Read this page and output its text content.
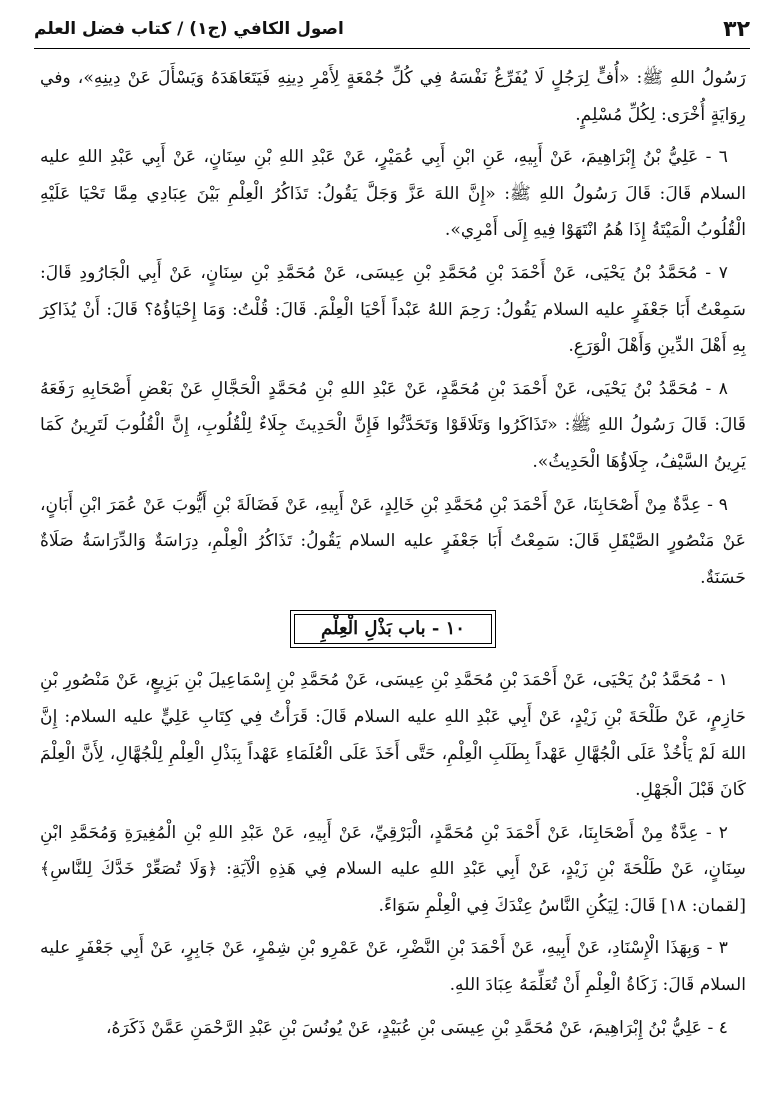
٣٢
اصول الكافي (ج١) / كتاب فضل العلم

رَسُولُ اللهِ ﷺ: «أُفٍّ لِرَجُلٍ لَا يُفَرِّغُ نَفْسَهُ فِي كُلِّ جُمْعَةٍ لِأَمْرِ دِينِهِ فَيَتَعَاهَدَهُ وَيَسْأَلَ عَنْ دِينِهِ»، وفي رِوَايَةٍ أُخْرَى: لِكُلِّ مُسْلِمٍ.

٦ - عَلِيُّ بْنُ إِبْرَاهِيمَ، عَنْ أَبِيهِ، عَنِ ابْنِ أَبِي عُمَيْرٍ، عَنْ عَبْدِ اللهِ بْنِ سِنَانٍ، عَنْ أَبِي عَبْدِ اللهِ عليه السلام قَالَ: قَالَ رَسُولُ اللهِ ﷺ: «إِنَّ اللهَ عَزَّ وَجَلَّ يَقُولُ: تَذَاكُرُ الْعِلْمِ بَيْنَ عِبَادِي مِمَّا تَحْيَا عَلَيْهِ الْقُلُوبُ الْمَيْتَةُ إِذَا هُمُ انْتَهَوْا فِيهِ إِلَى أَمْرِي».

٧ - مُحَمَّدُ بْنُ يَحْيَى، عَنْ أَحْمَدَ بْنِ مُحَمَّدِ بْنِ عِيسَى، عَنْ مُحَمَّدِ بْنِ سِنَانٍ، عَنْ أَبِي الْجَارُودِ قَالَ: سَمِعْتُ أَبَا جَعْفَرٍ عليه السلام يَقُولُ: رَحِمَ اللهُ عَبْداً أَحْيَا الْعِلْمَ. قَالَ: قُلْتُ: وَمَا إِحْيَاؤُهُ؟ قَالَ: أَنْ يُذَاكِرَ بِهِ أَهْلَ الدِّينِ وَأَهْلَ الْوَرَعِ.

٨ - مُحَمَّدُ بْنُ يَحْيَى، عَنْ أَحْمَدَ بْنِ مُحَمَّدٍ، عَنْ عَبْدِ اللهِ بْنِ مُحَمَّدٍ الْحَجَّالِ عَنْ بَعْضِ أَصْحَابِهِ رَفَعَهُ قَالَ: قَالَ رَسُولُ اللهِ ﷺ: «تَذَاكَرُوا وَتَلَاقَوْا وَتَحَدَّثُوا فَإِنَّ الْحَدِيثَ جِلَاءٌ لِلْقُلُوبِ، إِنَّ الْقُلُوبَ لَتَرِينُ كَمَا يَرِينُ السَّيْفُ، جِلَاؤُهَا الْحَدِيثُ».

٩ - عِدَّةٌ مِنْ أَصْحَابِنَا، عَنْ أَحْمَدَ بْنِ مُحَمَّدِ بْنِ خَالِدٍ، عَنْ أَبِيهِ، عَنْ فَضَالَةَ بْنِ أَيُّوبَ عَنْ عُمَرَ ابْنِ أَبَانٍ، عَنْ مَنْصُورٍ الصَّيْقَلِ قَالَ: سَمِعْتُ أَبَا جَعْفَرٍ عليه السلام يَقُولُ: تَذَاكُرُ الْعِلْمِ، دِرَاسَةٌ وَالدِّرَاسَةُ صَلَاةٌ حَسَنَةٌ.

١٠ - باب بَذْلِ الْعِلْمِ

١ - مُحَمَّدُ بْنُ يَحْيَى، عَنْ أَحْمَدَ بْنِ مُحَمَّدِ بْنِ عِيسَى، عَنْ مُحَمَّدِ بْنِ إِسْمَاعِيلَ بْنِ بَزِيعٍ، عَنْ مَنْصُورِ بْنِ حَازِمٍ، عَنْ طَلْحَةَ بْنِ زَيْدٍ، عَنْ أَبِي عَبْدِ اللهِ عليه السلام قَالَ: قَرَأْتُ فِي كِتَابِ عَلِيٍّ عليه السلام: إِنَّ اللهَ لَمْ يَأْخُذْ عَلَى الْجُهَّالِ عَهْداً بِطَلَبِ الْعِلْمِ، حَتَّى أَخَذَ عَلَى الْعُلَمَاءِ عَهْداً بِبَذْلِ الْعِلْمِ لِلْجُهَّالِ، لِأَنَّ الْعِلْمَ كَانَ قَبْلَ الْجَهْلِ.

٢ - عِدَّةٌ مِنْ أَصْحَابِنَا، عَنْ أَحْمَدَ بْنِ مُحَمَّدٍ، الْبَرْقِيِّ، عَنْ أَبِيهِ، عَنْ عَبْدِ اللهِ بْنِ الْمُغِيرَةِ وَمُحَمَّدِ ابْنِ سِنَانٍ، عَنْ طَلْحَةَ بْنِ زَيْدٍ، عَنْ أَبِي عَبْدِ اللهِ عليه السلام فِي هَذِهِ الْآيَةِ: ﴿وَلَا تُصَعِّرْ خَدَّكَ لِلنَّاسِ﴾ [لقمان: ١٨] قَالَ: لِيَكُنِ النَّاسُ عِنْدَكَ فِي الْعِلْمِ سَوَاءً.

٣ - وَبِهَذَا الْإِسْنَادِ، عَنْ أَبِيهِ، عَنْ أَحْمَدَ بْنِ النَّضْرِ، عَنْ عَمْرِو بْنِ شِمْرٍ، عَنْ جَابِرٍ، عَنْ أَبِي جَعْفَرٍ عليه السلام قَالَ: زَكَاةُ الْعِلْمِ أَنْ تُعَلِّمَهُ عِبَادَ اللهِ.

٤ - عَلِيُّ بْنُ إِبْرَاهِيمَ، عَنْ مُحَمَّدِ بْنِ عِيسَى بْنِ عُبَيْدٍ، عَنْ يُونُسَ بْنِ عَبْدِ الرَّحْمَنِ عَمَّنْ ذَكَرَهُ،
